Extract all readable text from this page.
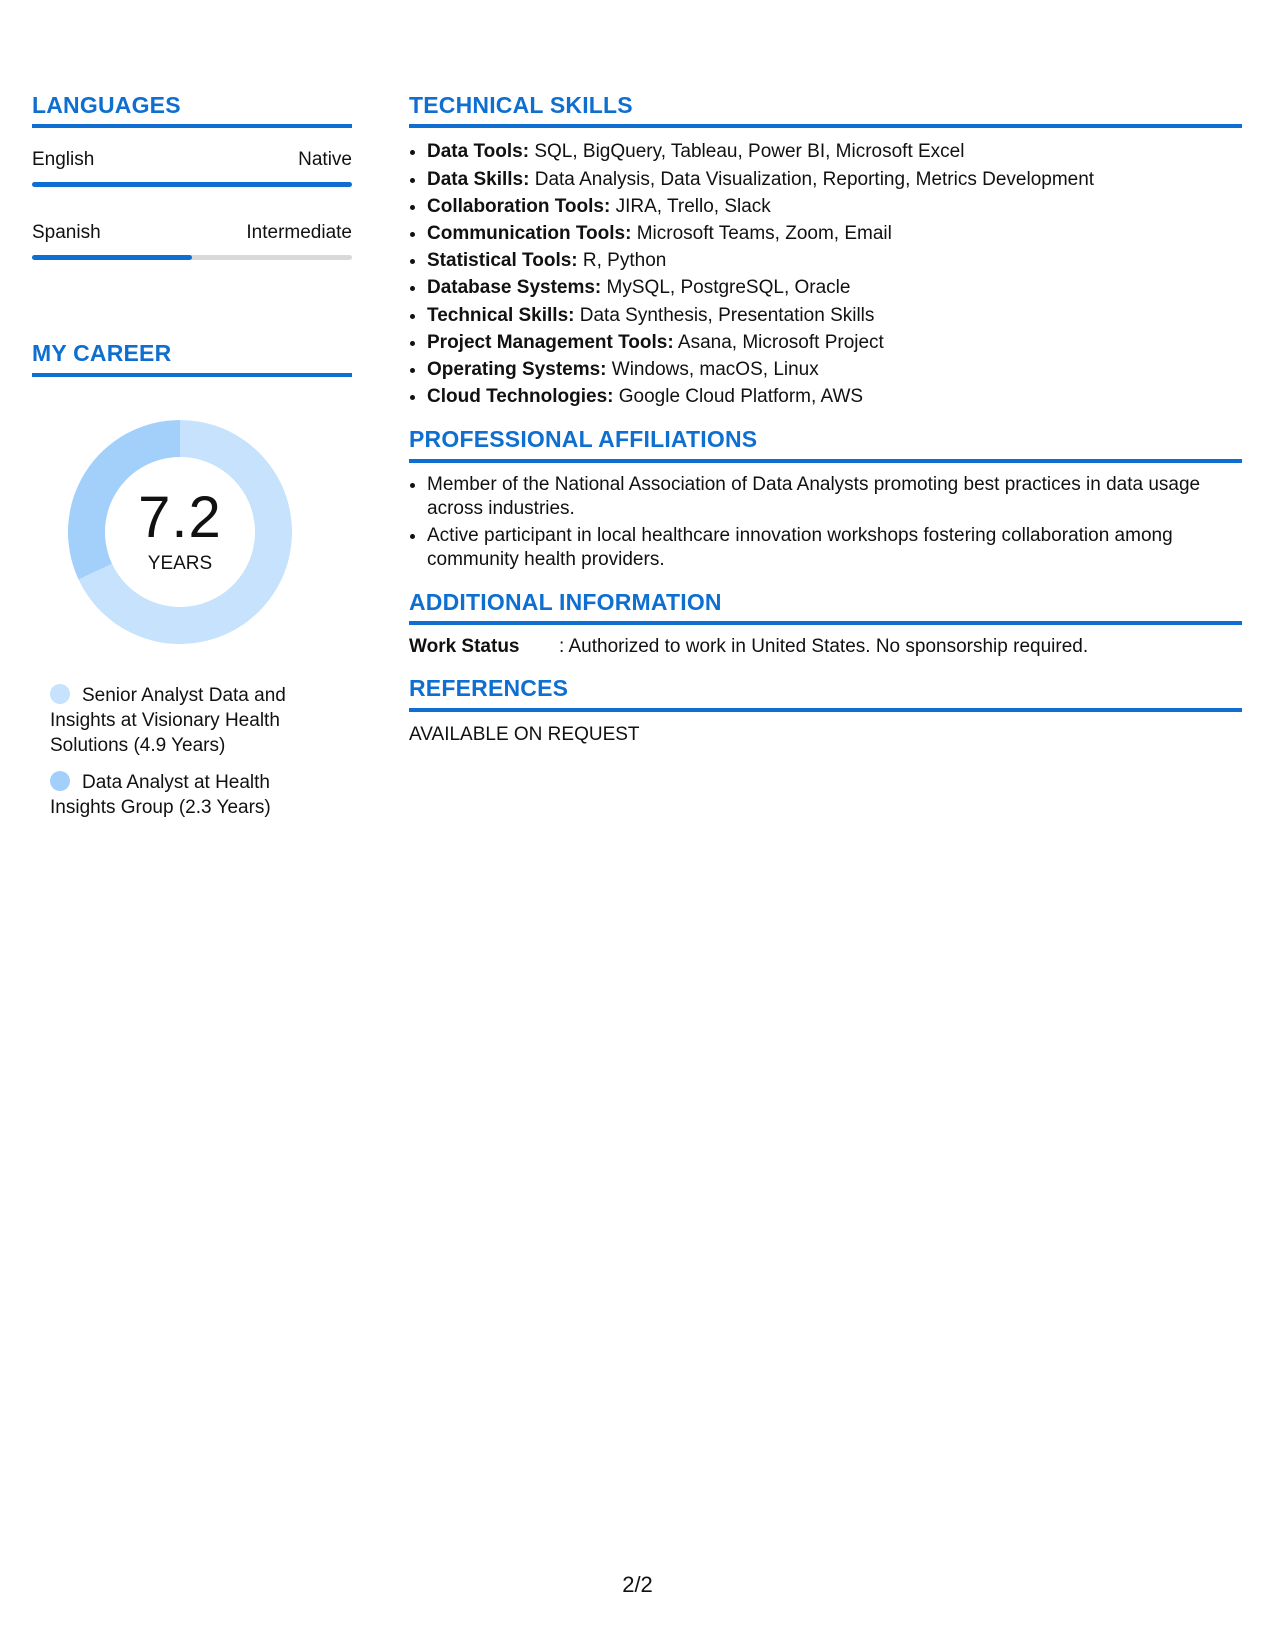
LANGUAGES
English	Native
Spanish	Intermediate
MY CAREER
7.2
YEARS
Senior Analyst Data and Insights at Visionary Health Solutions (4.9 Years)
Data Analyst at Health Insights Group (2.3 Years)
TECHNICAL SKILLS
• Data Tools: SQL, BigQuery, Tableau, Power BI, Microsoft Excel
• Data Skills: Data Analysis, Data Visualization, Reporting, Metrics Development
• Collaboration Tools: JIRA, Trello, Slack
• Communication Tools: Microsoft Teams, Zoom, Email
• Statistical Tools: R, Python
• Database Systems: MySQL, PostgreSQL, Oracle
• Technical Skills: Data Synthesis, Presentation Skills
• Project Management Tools: Asana, Microsoft Project
• Operating Systems: Windows, macOS, Linux
• Cloud Technologies: Google Cloud Platform, AWS
PROFESSIONAL AFFILIATIONS
• Member of the National Association of Data Analysts promoting best practices in data usage across industries.
• Active participant in local healthcare innovation workshops fostering collaboration among community health providers.
ADDITIONAL INFORMATION
Work Status	: Authorized to work in United States. No sponsorship required.
REFERENCES
AVAILABLE ON REQUEST
2/2
